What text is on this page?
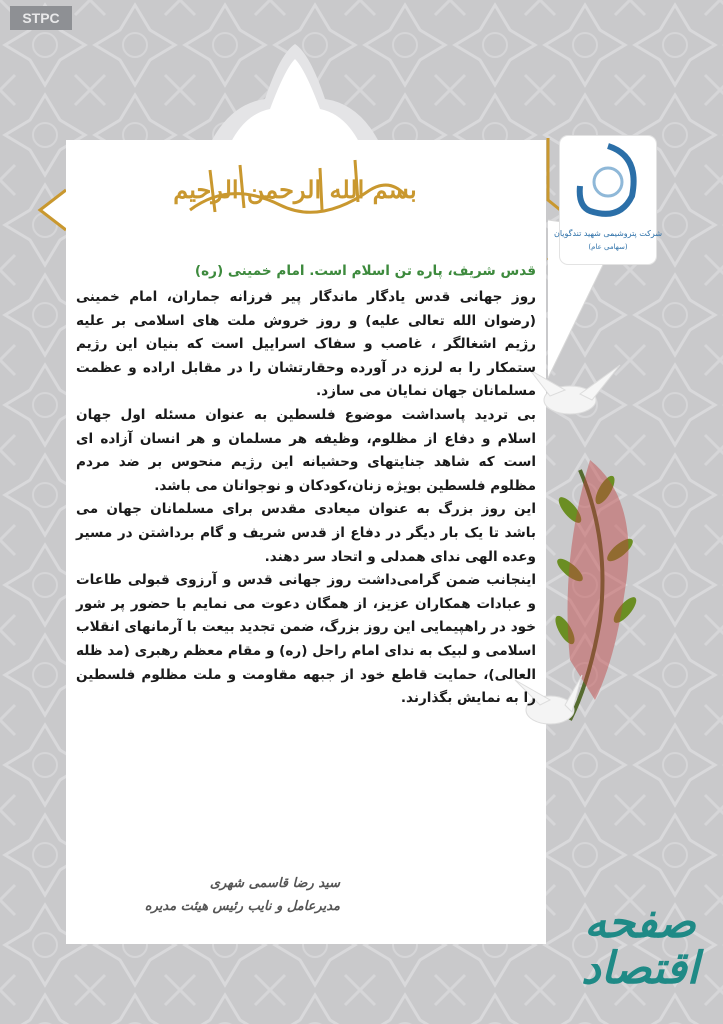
STPC
بسم الله الرحمن الرحیم
شرکت پتروشیمی شهید تندگویان
(سهامی عام)
قدس شریف، پاره تن اسلام است. امام خمینی (ره)

روز جهانی قدس یادگار ماندگار پیر فرزانه جماران، امام خمینی (رضوان الله تعالی علیه) و روز خروش ملت های اسلامی بر علیه رژیم اشغالگر ، غاصب و سفاک اسراییل است که بنیان این رژیم ستمکار را به لرزه در آورده وحقارتشان را در مقابل اراده و عظمت مسلمانان جهان نمایان می سازد.

بی تردید پاسداشت موضوع فلسطین به عنوان مسئله اول جهان اسلام و دفاع از مظلوم، وظیفه هر مسلمان و هر انسان آزاده ای است که شاهد جنایتهای وحشیانه این رژیم منحوس بر ضد مردم مظلوم فلسطین بویژه زنان،کودکان و نوجوانان می باشد.

این روز بزرگ به عنوان میعادی مقدس برای مسلمانان جهان می باشد تا یک بار دیگر در دفاع از قدس شریف و گام برداشتن در مسیر وعده الهی ندای همدلی و اتحاد سر دهند.

اینجانب ضمن گرامی‌داشت روز جهانی قدس و آرزوی قبولی طاعات و عبادات همکاران عزیز، از همگان دعوت می نمایم با حضور پر شور خود در راهپیمایی این روز بزرگ، ضمن تجدید بیعت با آرمانهای انقلاب اسلامی و لبیک به ندای امام راحل (ره) و مقام معظم رهبری (مد ظله العالی)، حمایت قاطع خود از جبهه مقاومت و ملت مظلوم فلسطین را به نمایش بگذارند.

سید رضا قاسمی شهری
مدیرعامل و نایب رئیس هیئت مدیره	صفحه اقتصاد
